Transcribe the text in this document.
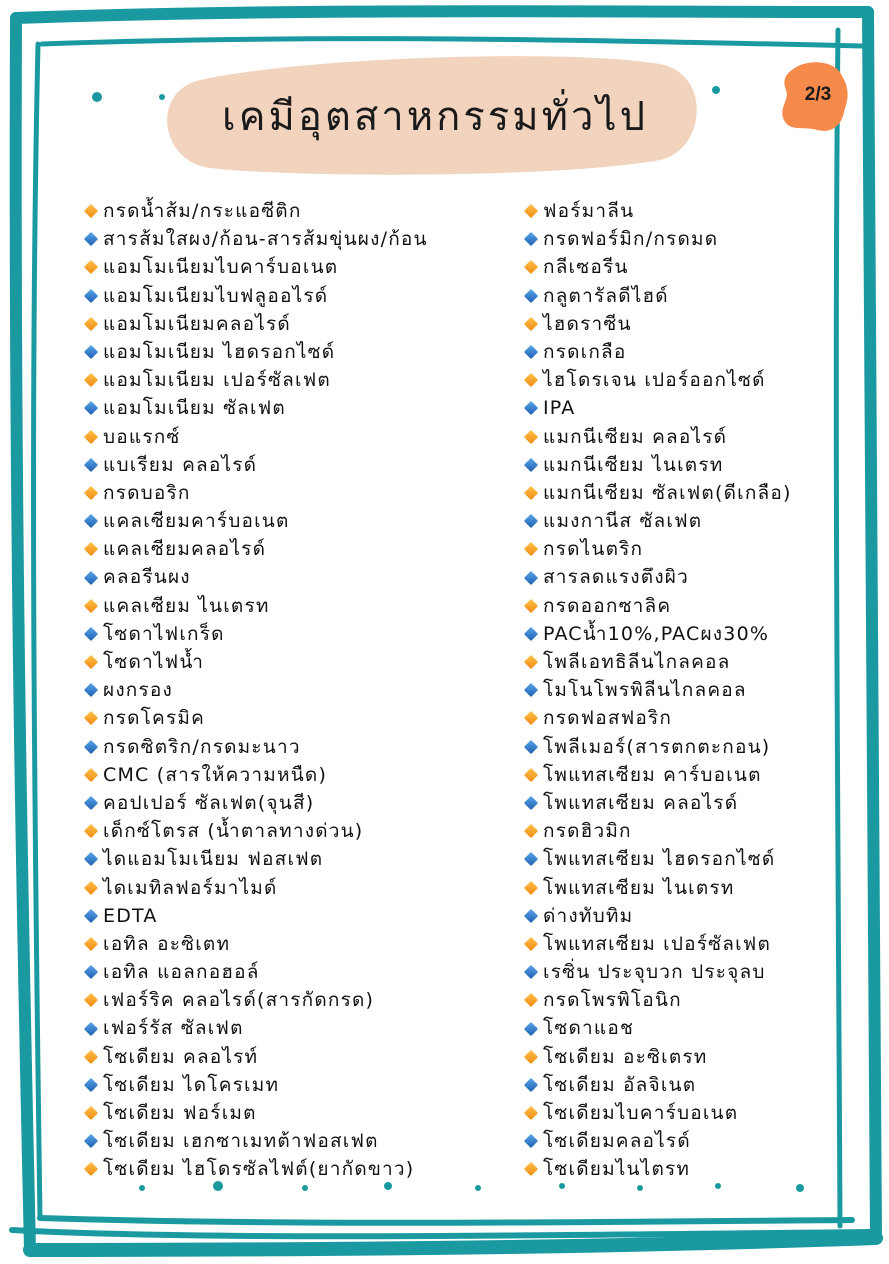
เคมีอุตสาหกรรมทั่วไป	2/3
กรดน้ำส้ม/กระแอซีติก
สารส้มใสผง/ก้อน-สารส้มขุ่นผง/ก้อน
แอมโมเนียมไบคาร์บอเนต
แอมโมเนียมไบฟลูออไรด์
แอมโมเนียมคลอไรด์
แอมโมเนียม ไฮดรอกไซด์
แอมโมเนียม เปอร์ซัลเฟต
แอมโมเนียม ซัลเฟต
บอแรกซ์
แบเรียม คลอไรด์
กรดบอริก
แคลเซียมคาร์บอเนต
แคลเซียมคลอไรด์
คลอรีนผง
แคลเซียม ไนเตรท
โซดาไฟเกร็ด
โซดาไฟน้ำ
ผงกรอง
กรดโครมิค
กรดซิตริก/กรดมะนาว
CMC (สารให้ความหนืด)
คอปเปอร์ ซัลเฟต(จุนสี)
เด็กซ์โตรส (น้ำตาลทางด่วน)
ไดแอมโมเนียม ฟอสเฟต
ไดเมทิลฟอร์มาไมด์
EDTA
เอทิล อะซิเตท
เอทิล แอลกอฮอล์
เฟอร์ริค คลอไรด์(สารกัดกรด)
เฟอร์รัส ซัลเฟต
โซเดียม คลอไรท์
โซเดียม ไดโครเมท
โซเดียม ฟอร์เมต
โซเดียม เฮกซาเมทต้าฟอสเฟต
โซเดียม ไฮโดรซัลไฟต์(ยากัดขาว)
ฟอร์มาลีน
กรดฟอร์มิก/กรดมด
กลีเซอรีน
กลูตารัลดีไฮด์
ไฮดราซีน
กรดเกลือ
ไฮโดรเจน เปอร์ออกไซด์
IPA
แมกนีเซียม คลอไรด์
แมกนีเซียม ไนเตรท
แมกนีเซียม ซัลเฟต(ดีเกลือ)
แมงกานีส ซัลเฟต
กรดไนตริก
สารลดแรงตึงผิว
กรดออกซาลิค
PACน้ำ10%,PACผง30%
โพลีเอทธิลีนไกลคอล
โมโนโพรพิลีนไกลคอล
กรดฟอสฟอริก
โพลีเมอร์(สารตกตะกอน)
โพแทสเซียม คาร์บอเนต
โพแทสเซียม คลอไรด์
กรดฮิวมิก
โพแทสเซียม ไฮดรอกไซด์
โพแทสเซียม ไนเตรท
ด่างทับทิม
โพแทสเซียม เปอร์ซัลเฟต
เรซิ่น ประจุบวก ประจุลบ
กรดโพรพิโอนิก
โซดาแอช
โซเดียม อะซิเตรท
โซเดียม อัลจิเนต
โซเดียมไบคาร์บอเนต
โซเดียมคลอไรด์
โซเดียมไนไตรท
